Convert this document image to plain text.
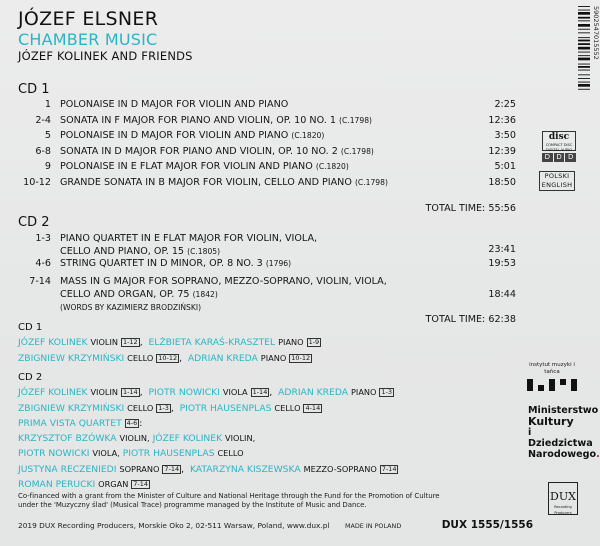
JÓZEF ELSNER
CHAMBER MUSIC
JÓZEF KOLINEK AND FRIENDS
CD 1
1 POLONAISE IN D MAJOR FOR VIOLIN AND PIANO	2:25
2-4 SONATA IN F MAJOR FOR PIANO AND VIOLIN, OP. 10 NO. 1 (C.1798)	12:36
5 POLONAISE IN D MAJOR FOR VIOLIN AND PIANO (C.1820)	3:50
6-8 SONATA IN D MAJOR FOR PIANO AND VIOLIN, OP. 10 NO. 2 (C.1798)	12:39
9 POLONAISE IN E FLAT MAJOR FOR VIOLIN AND PIANO (C.1820)	5:01
10-12 GRANDE SONATA IN B MAJOR FOR VIOLIN, CELLO AND PIANO (C.1798)	18:50
TOTAL TIME: 55:56
CD 2
1-3 PIANO QUARTET IN E FLAT MAJOR FOR VIOLIN, VIOLA,
CELLO AND PIANO, OP. 15 (C.1805)	23:41
4-6 STRING QUARTET IN D MINOR, OP. 8 NO. 3 (1796)	19:53
7-14 MASS IN G MAJOR FOR SOPRANO, MEZZO-SOPRANO, VIOLIN, VIOLA,
CELLO AND ORGAN, OP. 75 (1842)
(WORDS BY KAZIMIERZ BRODZIŃSKI)
18:44
TOTAL TIME: 62:38
CD 1
JÓZEF KOLINEK VIOLIN 1-12 ,  ELŻBIETA KARAŚ-KRASZTEL PIANO 1-9
ZBIGNIEW KRZYMIŃSKI CELLO 10-12 ,  ADRIAN KREDA PIANO 10-12
CD 2
JÓZEF KOLINEK VIOLIN 1-14 ,  PIOTR NOWICKI VIOLA 1-14 ,  ADRIAN KREDA PIANO 1-3
ZBIGNIEW KRZYMIŃSKI CELLO 1-3 ,  PIOTR HAUSENPLAS CELLO 4-14
PRIMA VISTA QUARTET 4-6 :
KRZYSZTOF BZÓWKA VIOLIN, JÓZEF KOLINEK VIOLIN,
PIOTR NOWICKI VIOLA, PIOTR HAUSENPLAS CELLO
JUSTYNA RECZENIEDI SOPRANO 7-14 ,  KATARZYNA KISZEWSKA MEZZO-SOPRANO 7-14
ROMAN PERUCKI ORGAN 7-14
5902547015552
disc
COMPACT DISC DIGITAL AUDIO
D D D
POLSKI
ENGLISH
instytut muzyki i tańca
Ministerstwo
Kultury
i Dziedzictwa
Narodowego.
DUX
Recording Producers
Co-financed with a grant from the Minister of Culture and National Heritage through the Fund for the Promotion of Culture
under the 'Muzyczny ślad' (Musical Trace) programme managed by the Institute of Music and Dance.
2019 DUX Recording Producers, Morskie Oko 2, 02-511 Warsaw, Poland, www.dux.pl MADE IN POLAND	DUX 1555/1556
